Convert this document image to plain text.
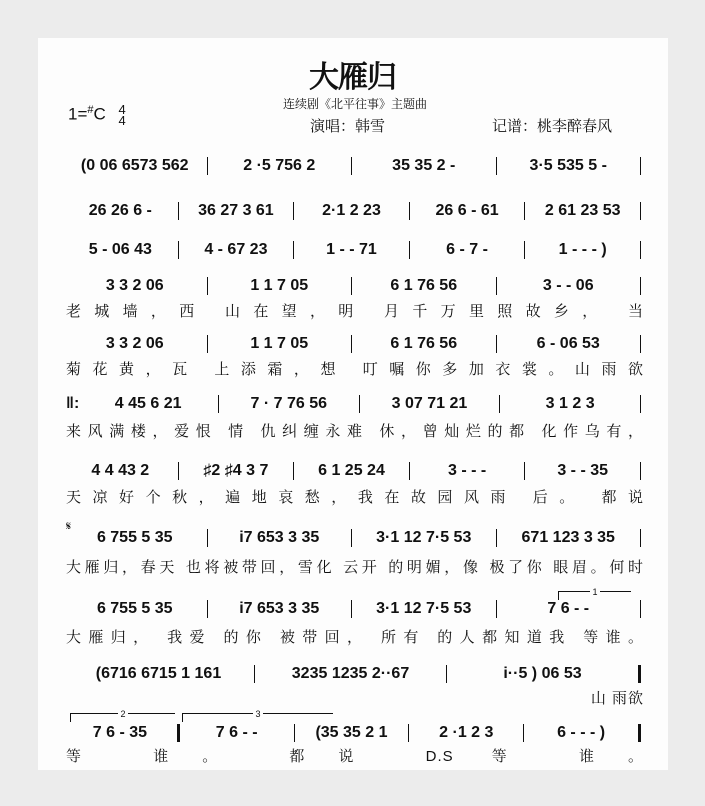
大雁归
连续剧《北平往事》主题曲
1=#C 4
4	演唱：韩雪	记谱：桃李醉春风
𝄋
(0 06 6573 562	2 ·5 756 2	35 35 2 -	3·5 535 5 -
26 26 6 -	36 27 3 61	2·1 2 23	26 6 - 61	2 61 23 53
5 - 06 43	4 - 67 23	1 - - 71	6 - 7 -	1 - - - )
3 3 2 06	1 1 7 05	6 1 76 56	3 - - 06
老城墙，西 山在望，明 月千万里照故乡， 当
3 3 2 06	1 1 7 05	6 1 76 56	6 - 06 53
菊花黄，瓦 上添霜，想 叮嘱你多加衣裳。山雨欲
‖:	4 45 6 21	7 · 7 76 56	3 07 71 21	3 1 2 3
来风满楼，爱恨 情 仇纠缠永难 休，曾灿烂的都 化作乌有，
4 4 43 2	♯2 ♯4 3 7	6 1 25 24	3 - - -	3 - - 35
天凉好个秋，遍地哀愁，我在故园风雨 后。 都说
6 755 5 35	i7 653 3 35	3·1 12 7·5 53	671 123 3 35
大雁归，春天 也将被带回，雪化 云开 的明媚，像 极了你 眼眉。何时
6 755 5 35	i7 653 3 35	3·1 12 7·5 53	7 6 - -
大雁归， 我爱 的你 被带回， 所有 的人都知道我 等谁。
(6716 6715 1 161	3235 1235 2··67	i··5 ) 06 53
山 雨欲
7 6 - 35	7 6 - -	(35 35 2 1	2 ·1 2 3	6 - - - )
等 谁。 都说 D.S 等 谁。
1
2	3
